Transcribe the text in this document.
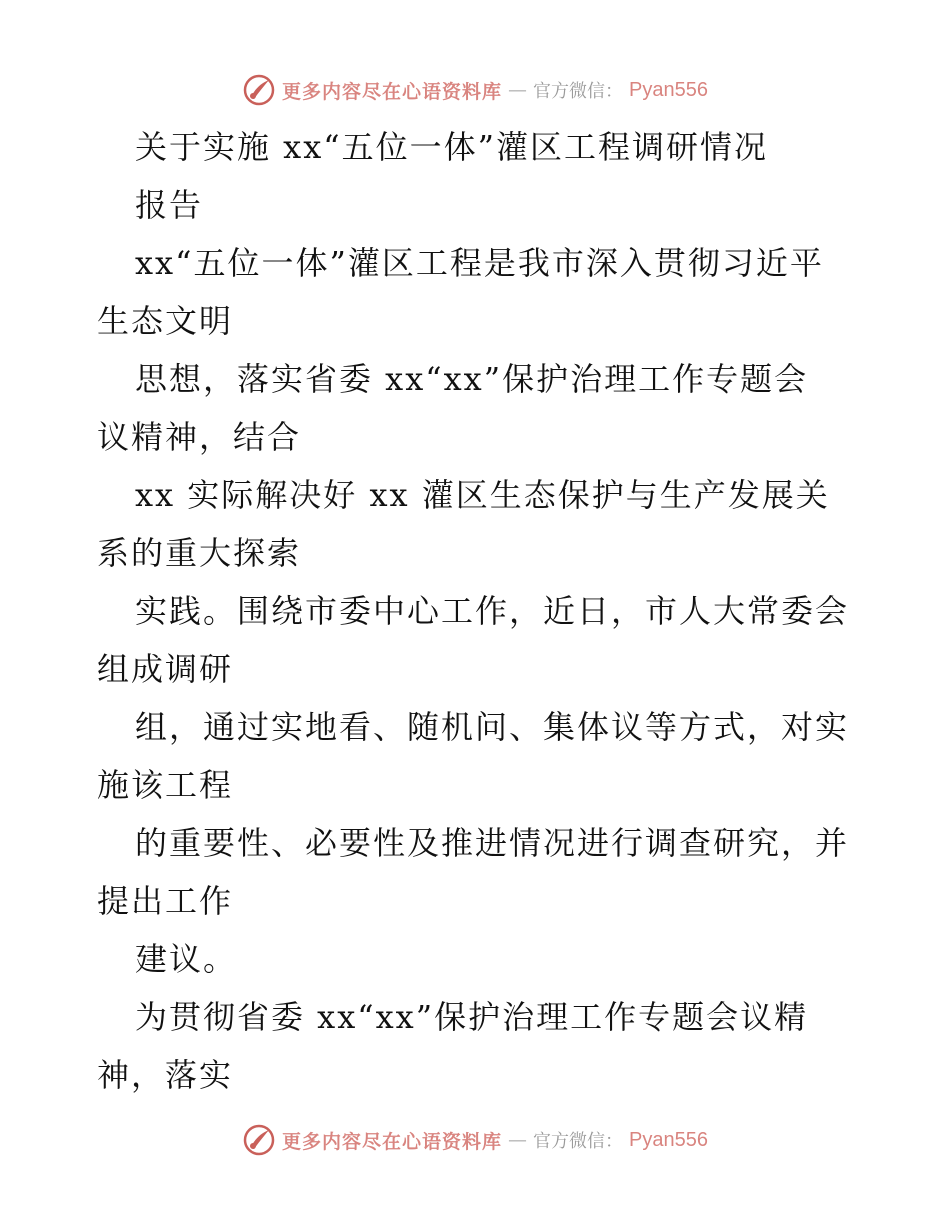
更多内容尽在心语资料库 — 官方微信： Pyan556
关于实施 xx“五位一体”灌区工程调研情况
报告
xx“五位一体”灌区工程是我市深入贯彻习近平
生态文明
思想，落实省委 xx“xx”保护治理工作专题会
议精神，结合
xx 实际解决好 xx 灌区生态保护与生产发展关
系的重大探索
实践。围绕市委中心工作，近日，市人大常委会
组成调研
组，通过实地看、随机问、集体议等方式，对实
施该工程
的重要性、必要性及推进情况进行调查研究，并
提出工作
建议。
为贯彻省委 xx“xx”保护治理工作专题会议精
神，落实
更多内容尽在心语资料库 — 官方微信： Pyan556
